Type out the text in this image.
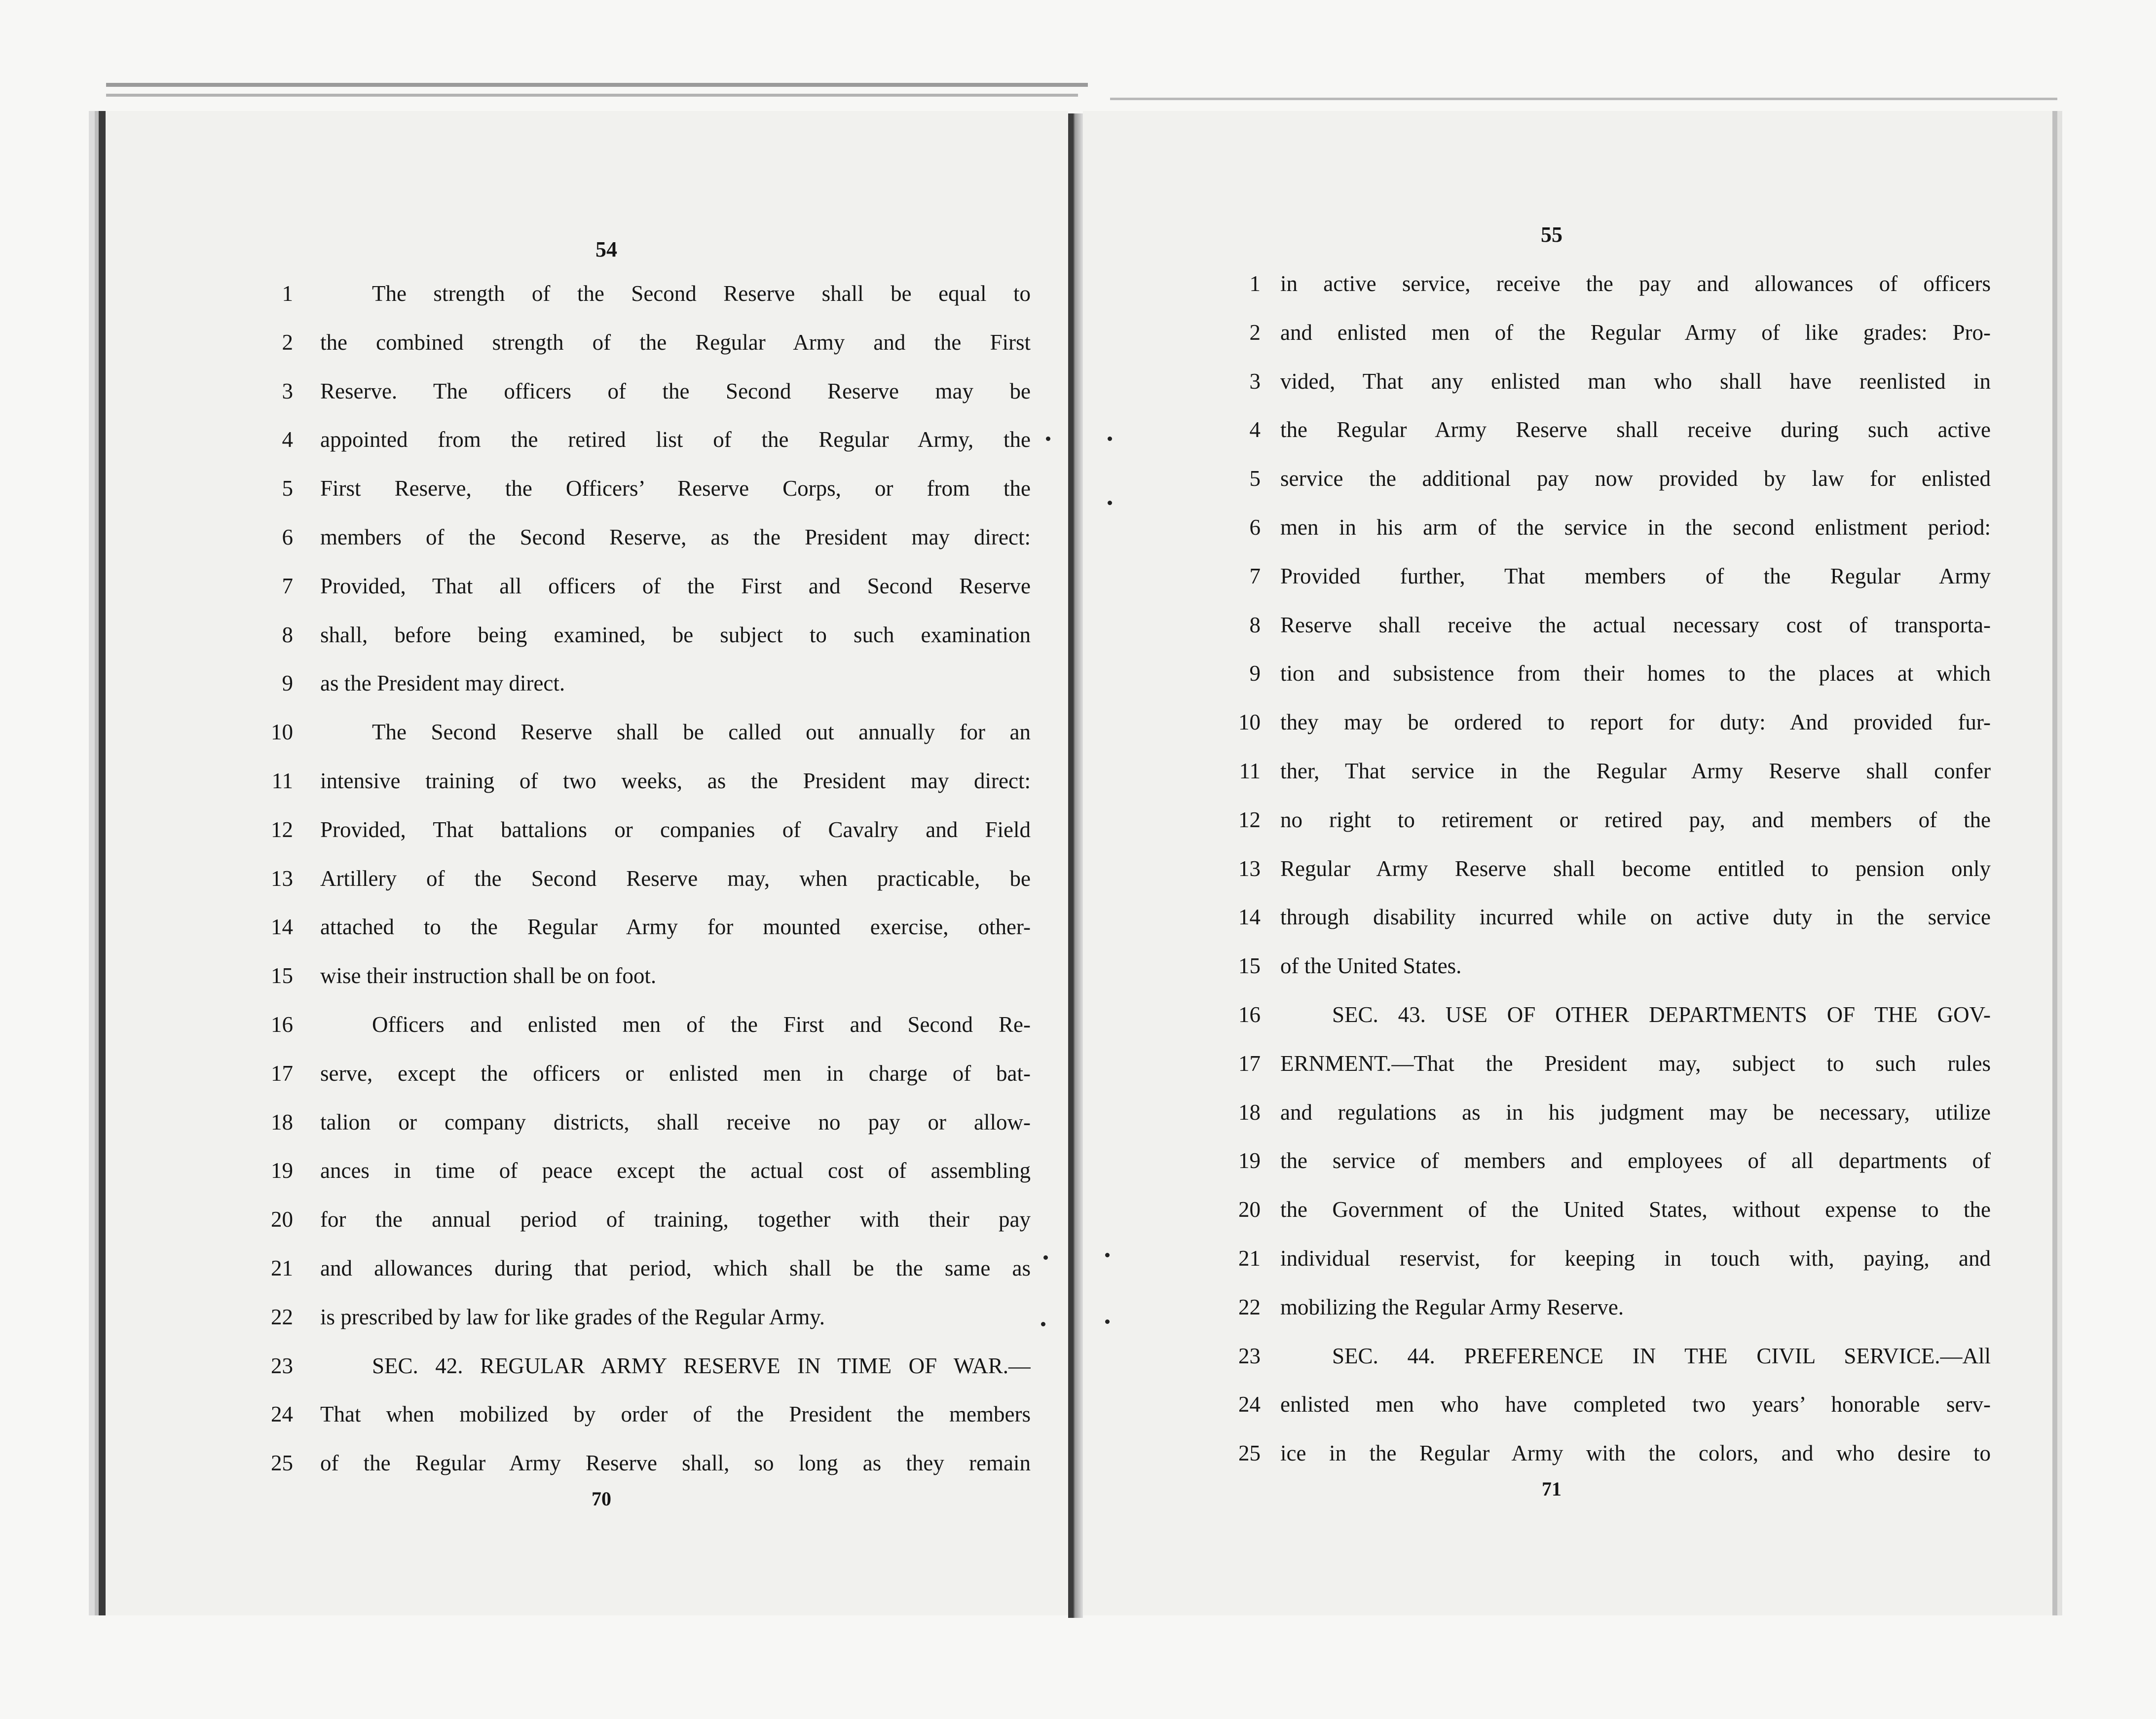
54
1	The strength of the Second Reserve shall be equal to
2 the combined strength of the Regular Army and the First
3 Reserve. The officers of the Second Reserve may be
4 appointed from the retired list of the Regular Army, the
5 First Reserve, the Officers’ Reserve Corps, or from the
6 members of the Second Reserve, as the President may direct:
7 Provided, That all officers of the First and Second Reserve
8 shall, before being examined, be subject to such examination
9 as the President may direct.
10	The Second Reserve shall be called out annually for an
11 intensive training of two weeks, as the President may direct:
12 Provided, That battalions or companies of Cavalry and Field
13 Artillery of the Second Reserve may, when practicable, be
14 attached to the Regular Army for mounted exercise, other-
15 wise their instruction shall be on foot.
16	Officers and enlisted men of the First and Second Re-
17 serve, except the officers or enlisted men in charge of bat-
18 talion or company districts, shall receive no pay or allow-
19 ances in time of peace except the actual cost of assembling
20 for the annual period of training, together with their pay
21 and allowances during that period, which shall be the same as
22 is prescribed by law for like grades of the Regular Army.
23	SEC. 42. REGULAR ARMY RESERVE IN TIME OF WAR.—
24 That when mobilized by order of the President the members
25 of the Regular Army Reserve shall, so long as they remain
70
55
1 in active service, receive the pay and allowances of officers
2 and enlisted men of the Regular Army of like grades: Pro-
3 vided, That any enlisted man who shall have reenlisted in
4 the Regular Army Reserve shall receive during such active
5 service the additional pay now provided by law for enlisted
6 men in his arm of the service in the second enlistment period:
7 Provided further, That members of the Regular Army
8 Reserve shall receive the actual necessary cost of transporta-
9 tion and subsistence from their homes to the places at which
10 they may be ordered to report for duty: And provided fur-
11 ther, That service in the Regular Army Reserve shall confer
12 no right to retirement or retired pay, and members of the
13 Regular Army Reserve shall become entitled to pension only
14 through disability incurred while on active duty in the service
15 of the United States.
16	SEC. 43. USE OF OTHER DEPARTMENTS OF THE GOV-
17 ERNMENT.—That the President may, subject to such rules
18 and regulations as in his judgment may be necessary, utilize
19 the service of members and employees of all departments of
20 the Government of the United States, without expense to the
21 individual reservist, for keeping in touch with, paying, and
22 mobilizing the Regular Army Reserve.
23	SEC. 44. PREFERENCE IN THE CIVIL SERVICE.—All
24 enlisted men who have completed two years’ honorable serv-
25 ice in the Regular Army with the colors, and who desire to
71
